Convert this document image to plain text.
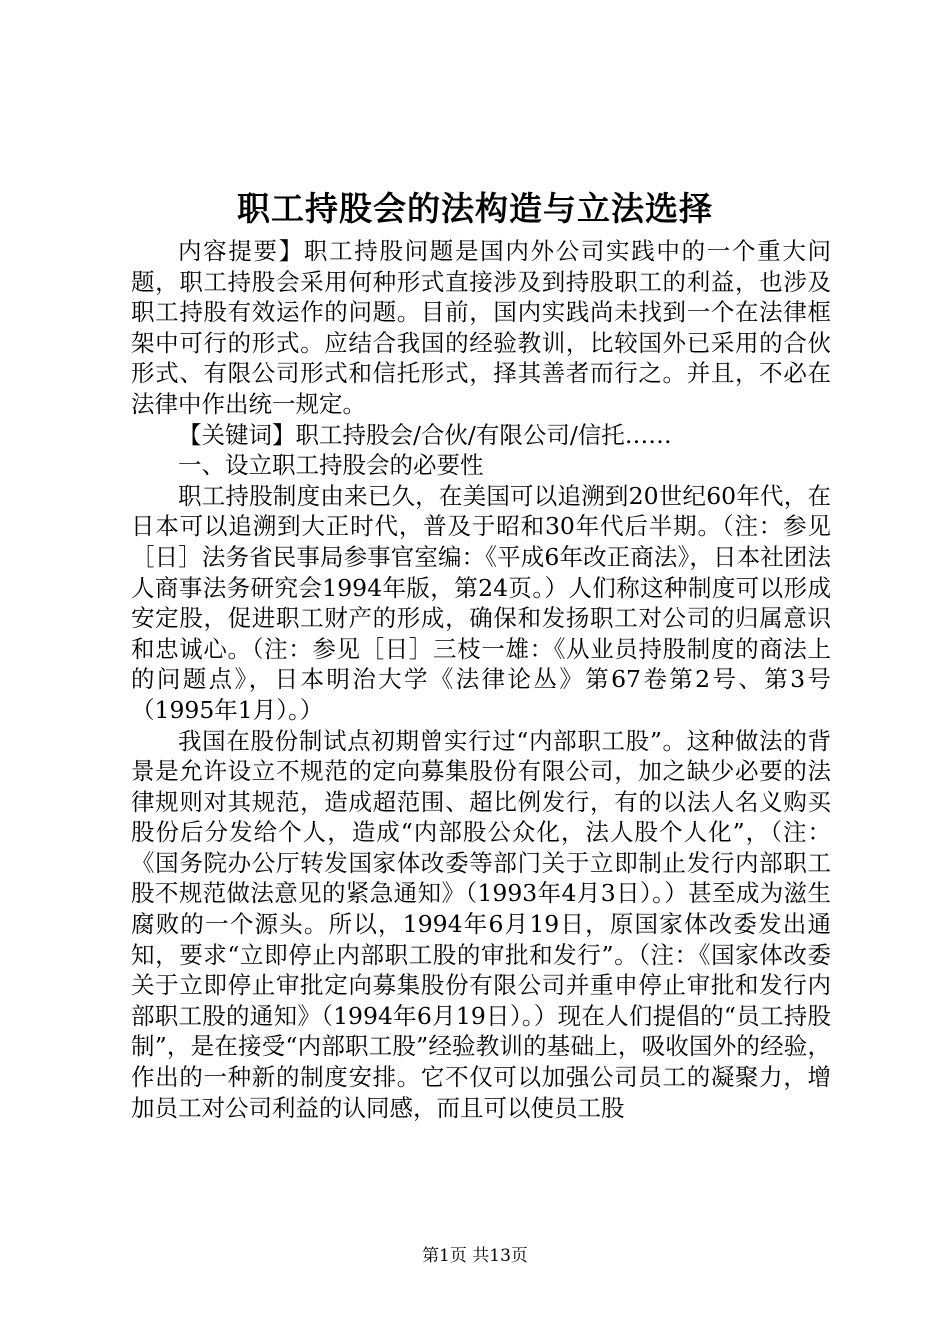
职工持股会的法构造与立法选择

内容提要】职工持股问题是国内外公司实践中的一个重大问题，职工持股会采用何种形式直接涉及到持股职工的利益，也涉及职工持股有效运作的问题。目前，国内实践尚未找到一个在法律框架中可行的形式。应结合我国的经验教训，比较国外已采用的合伙形式、有限公司形式和信托形式，择其善者而行之。并且，不必在法律中作出统一规定。

【关键词】职工持股会/合伙/有限公司/信托……

一、设立职工持股会的必要性

职工持股制度由来已久，在美国可以追溯到20世纪60年代，在日本可以追溯到大正时代，普及于昭和30年代后半期。（注：参见［日］法务省民事局参事官室编：《平成6年改正商法》，日本社团法人商事法务研究会1994年版，第24页。）人们称这种制度可以形成安定股，促进职工财产的形成，确保和发扬职工对公司的归属意识和忠诚心。（注：参见［日］三枝一雄：《从业员持股制度的商法上的问题点》，日本明治大学《法律论丛》第67卷第2号、第3号（1995年1月）。）

我国在股份制试点初期曾实行过“内部职工股”。这种做法的背景是允许设立不规范的定向募集股份有限公司，加之缺少必要的法律规则对其规范，造成超范围、超比例发行，有的以法人名义购买股份后分发给个人，造成“内部股公众化，法人股个人化”，（注：《国务院办公厅转发国家体改委等部门关于立即制止发行内部职工股不规范做法意见的紧急通知》（1993年4月3日）。）甚至成为滋生腐败的一个源头。所以，1994年6月19日，原国家体改委发出通知，要求“立即停止内部职工股的审批和发行”。（注：《国家体改委关于立即停止审批定向募集股份有限公司并重申停止审批和发行内部职工股的通知》（1994年6月19日）。）现在人们提倡的“员工持股制”，是在接受“内部职工股”经验教训的基础上，吸收国外的经验，作出的一种新的制度安排。它不仅可以加强公司员工的凝聚力，增加员工对公司利益的认同感，而且可以使员工股

第1页 共13页
